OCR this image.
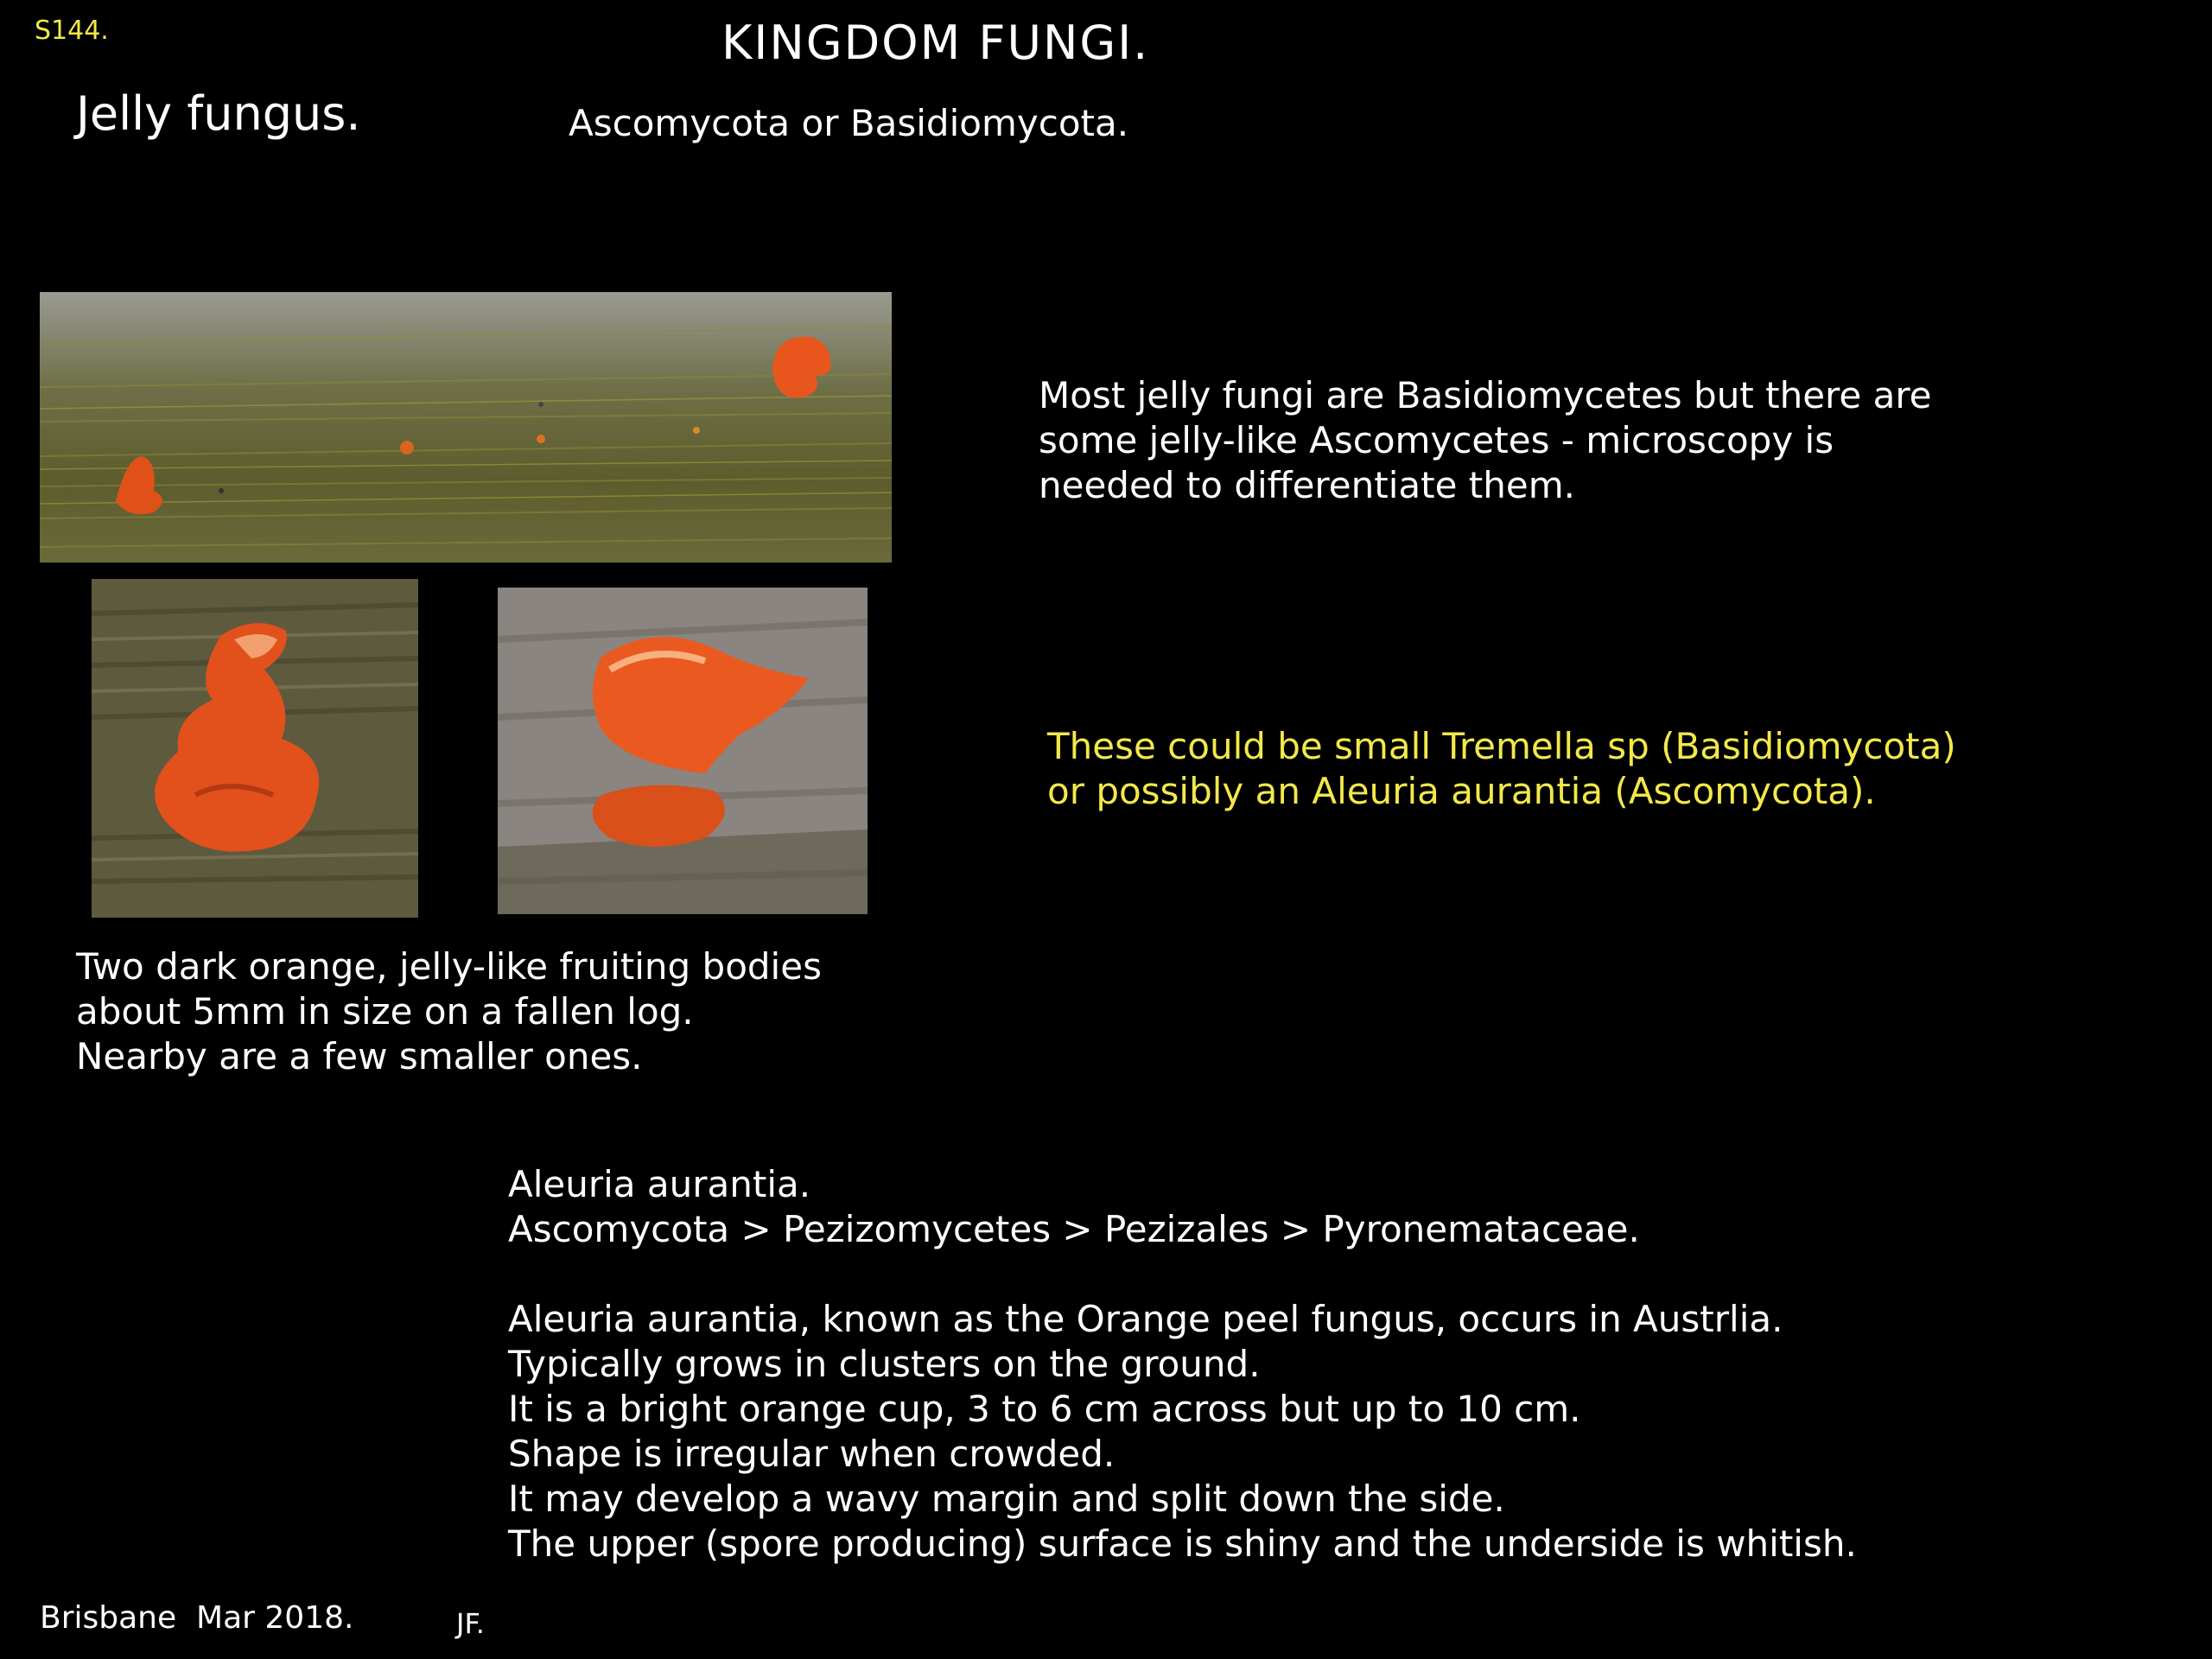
S144.	KINGDOM FUNGI.
Jelly fungus.	Ascomycota or Basidiomycota.
Most jelly fungi are Basidiomycetes but there are
some jelly-like Ascomycetes - microscopy is
needed to differentiate them.
These could be small Tremella sp (Basidiomycota)
or possibly an Aleuria aurantia (Ascomycota).
Two dark orange, jelly-like fruiting bodies
about 5mm in size on a fallen log.
Nearby are a few smaller ones.
Aleuria aurantia.
Ascomycota > Pezizomycetes > Pezizales > Pyronemataceae.
Aleuria aurantia, known as the Orange peel fungus, occurs in Austrlia.
Typically grows in clusters on the ground.
It is a bright orange cup, 3 to 6 cm across but up to 10 cm.
Shape is irregular when crowded.
It may develop a wavy margin and split down the side.
The upper (spore producing) surface is shiny and the underside is whitish.
Brisbane  Mar 2018.	JF.
